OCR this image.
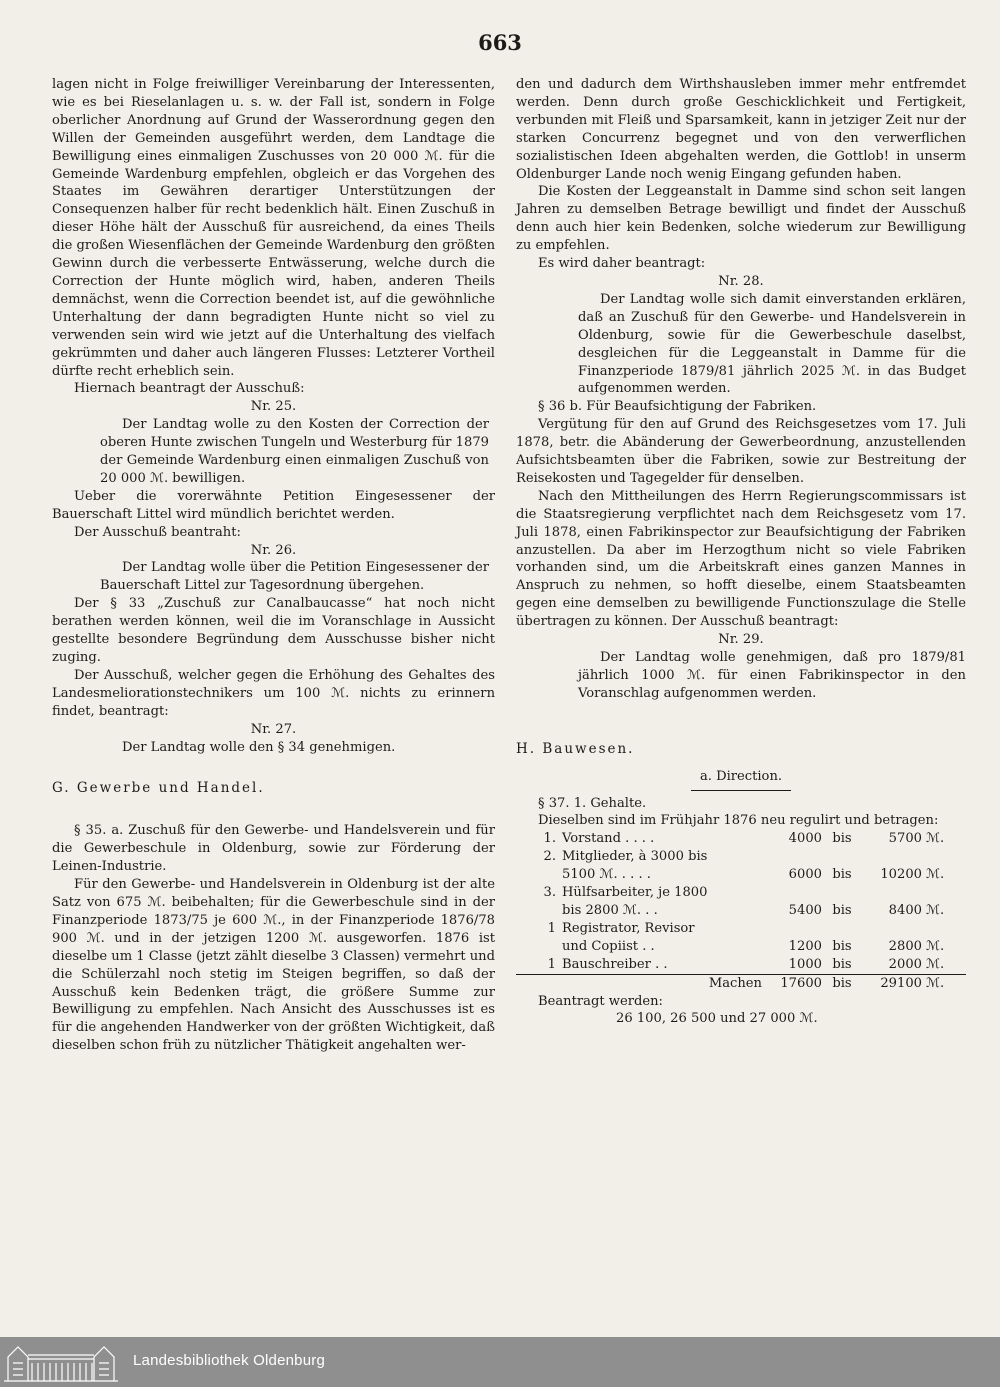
663

lagen nicht in Folge freiwilliger Vereinbarung der Interessenten, wie es bei Rieselanlagen u. s. w. der Fall ist, sondern in Folge oberlicher Anordnung auf Grund der Wasserordnung gegen den Willen der Gemeinden ausgeführt werden, dem Landtage die Bewilligung eines einmaligen Zuschusses von 20 000 ℳ. für die Gemeinde Wardenburg empfehlen, obgleich er das Vorgehen des Staates im Gewähren derartiger Unterstützungen der Consequenzen halber für recht bedenklich hält. Einen Zuschuß in dieser Höhe hält der Ausschuß für ausreichend, da eines Theils die großen Wiesenflächen der Gemeinde Wardenburg den größten Gewinn durch die verbesserte Entwässerung, welche durch die Correction der Hunte möglich wird, haben, anderen Theils demnächst, wenn die Correction beendet ist, auf die gewöhnliche Unterhaltung der dann begradigten Hunte nicht so viel zu verwenden sein wird wie jetzt auf die Unterhaltung des vielfach gekrümmten und daher auch längeren Flusses: Letzterer Vortheil dürfte recht erheblich sein.

Hiernach beantragt der Ausschuß:

Nr. 25.

Der Landtag wolle zu den Kosten der Correction der oberen Hunte zwischen Tungeln und Westerburg für 1879 der Gemeinde Wardenburg einen einmaligen Zuschuß von 20 000 ℳ. bewilligen.

Ueber die vorerwähnte Petition Eingesessener der Bauerschaft Littel wird mündlich berichtet werden.

Der Ausschuß beantraht:

Nr. 26.

Der Landtag wolle über die Petition Eingesessener der Bauerschaft Littel zur Tagesordnung übergehen.

Der § 33 „Zuschuß zur Canalbaucasse“ hat noch nicht berathen werden können, weil die im Voranschlage in Aussicht gestellte besondere Begründung dem Ausschusse bisher nicht zuging.

Der Ausschuß, welcher gegen die Erhöhung des Gehaltes des Landesmeliorationstechnikers um 100 ℳ. nichts zu erinnern findet, beantragt:

Nr. 27.

Der Landtag wolle den § 34 genehmigen.

G. Gewerbe und Handel.

§ 35. a. Zuschuß für den Gewerbe- und Handelsverein und für die Gewerbeschule in Oldenburg, sowie zur Förderung der Leinen-Industrie.

Für den Gewerbe- und Handelsverein in Oldenburg ist der alte Satz von 675 ℳ. beibehalten; für die Gewerbeschule sind in der Finanzperiode 1873/75 je 600 ℳ., in der Finanzperiode 1876/78 900 ℳ. und in der jetzigen 1200 ℳ. ausgeworfen. 1876 ist dieselbe um 1 Classe (jetzt zählt dieselbe 3 Classen) vermehrt und die Schülerzahl noch stetig im Steigen begriffen, so daß der Ausschuß kein Bedenken trägt, die größere Summe zur Bewilligung zu empfehlen. Nach Ansicht des Ausschusses ist es für die angehenden Handwerker von der größten Wichtigkeit, daß dieselben schon früh zu nützlicher Thätigkeit angehalten wer-

den und dadurch dem Wirthshausleben immer mehr entfremdet werden. Denn durch große Geschicklichkeit und Fertigkeit, verbunden mit Fleiß und Sparsamkeit, kann in jetziger Zeit nur der starken Concurrenz begegnet und von den verwerflichen sozialistischen Ideen abgehalten werden, die Gottlob! in unserm Oldenburger Lande noch wenig Eingang gefunden haben.

Die Kosten der Leggeanstalt in Damme sind schon seit langen Jahren zu demselben Betrage bewilligt und findet der Ausschuß denn auch hier kein Bedenken, solche wiederum zur Bewilligung zu empfehlen.

Es wird daher beantragt:

Nr. 28.

Der Landtag wolle sich damit einverstanden erklären, daß an Zuschuß für den Gewerbe- und Handelsverein in Oldenburg, sowie für die Gewerbeschule daselbst, desgleichen für die Leggeanstalt in Damme für die Finanzperiode 1879/81 jährlich 2025 ℳ. in das Budget aufgenommen werden.

§ 36 b. Für Beaufsichtigung der Fabriken.

Vergütung für den auf Grund des Reichsgesetzes vom 17. Juli 1878, betr. die Abänderung der Gewerbeordnung, anzustellenden Aufsichtsbeamten über die Fabriken, sowie zur Bestreitung der Reisekosten und Tagegelder für denselben.

Nach den Mittheilungen des Herrn Regierungscommissars ist die Staatsregierung verpflichtet nach dem Reichsgesetz vom 17. Juli 1878, einen Fabrikinspector zur Beaufsichtigung der Fabriken anzustellen. Da aber im Herzogthum nicht so viele Fabriken vorhanden sind, um die Arbeitskraft eines ganzen Mannes in Anspruch zu nehmen, so hofft dieselbe, einem Staatsbeamten gegen eine demselben zu bewilligende Functionszulage die Stelle übertragen zu können. Der Ausschuß beantragt:

Nr. 29.

Der Landtag wolle genehmigen, daß pro 1879/81 jährlich 1000 ℳ. für einen Fabrikinspector in den Voranschlag aufgenommen werden.

H. Bauwesen.

a. Direction.

§ 37. 1. Gehalte.

Dieselben sind im Frühjahr 1876 neu regulirt und betragen:

1.	Vorstand . . . .	4000	bis	5700	ℳ.
2.	Mitglieder, à 3000 bis				
	5100 ℳ. . . . .	6000	bis	10200	ℳ.
3.	Hülfsarbeiter, je 1800				
	bis 2800 ℳ. . .	5400	bis	8400	ℳ.
1	Registrator, Revisor				
	und Copiist . .	1200	bis	2800	ℳ.
1	Bauschreiber . .	1000	bis	2000	ℳ.
	Machen	17600	bis	29100	ℳ.

Beantragt werden:

26 100, 26 500 und 27 000 ℳ.

Landesbibliothek Oldenburg
